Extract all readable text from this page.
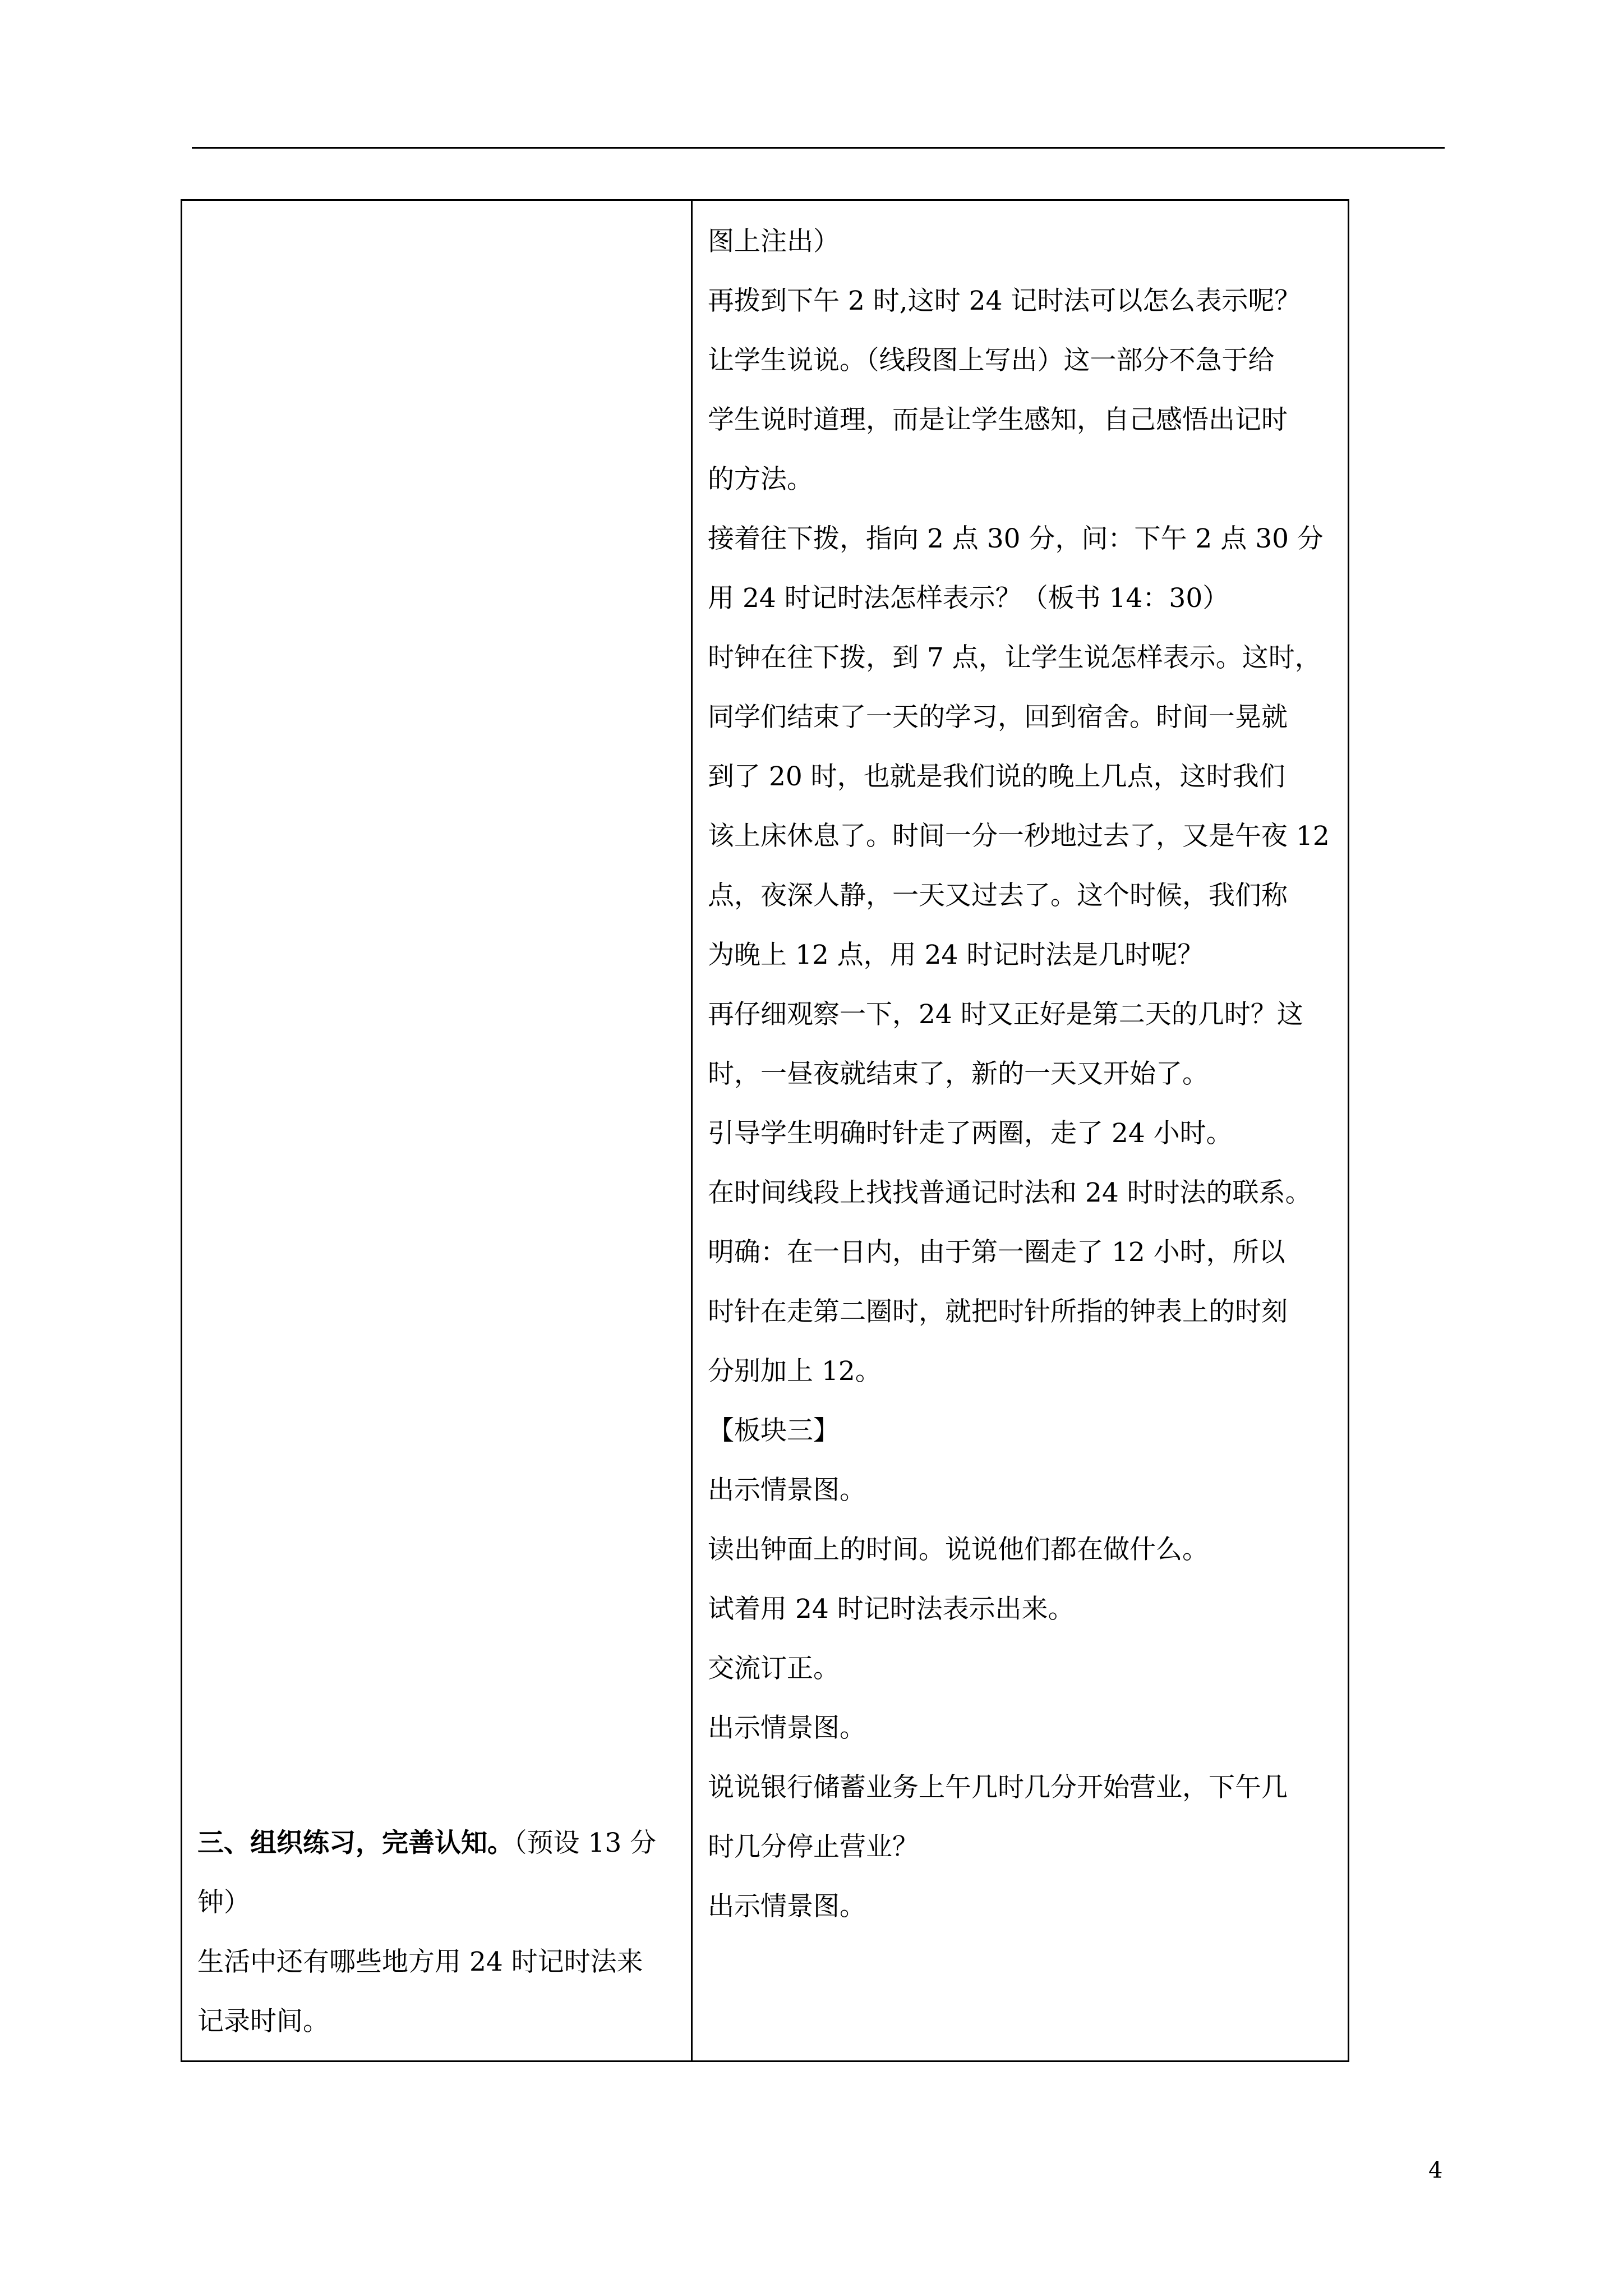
三、组织练习，完善认知。（预设 13 分
钟）
生活中还有哪些地方用 24 时记时法来
记录时间。
图上注出）
再拨到下午 2 时,这时 24 记时法可以怎么表示呢？
让学生说说。（线段图上写出）这一部分不急于给
学生说时道理，而是让学生感知，自己感悟出记时
的方法。
接着往下拨，指向 2 点 30 分，问：下午 2 点 30 分
用 24 时记时法怎样表示？（板书 14：30）
时钟在往下拨，到 7 点，让学生说怎样表示。这时，
同学们结束了一天的学习，回到宿舍。时间一晃就
到了 20 时，也就是我们说的晚上几点，这时我们
该上床休息了。时间一分一秒地过去了，又是午夜 12
点，夜深人静，一天又过去了。这个时候，我们称
为晚上 12 点，用 24 时记时法是几时呢？
再仔细观察一下，24 时又正好是第二天的几时？这
时，一昼夜就结束了，新的一天又开始了。
引导学生明确时针走了两圈，走了 24 小时。
在时间线段上找找普通记时法和 24 时时法的联系。
明确：在一日内，由于第一圈走了 12 小时，所以
时针在走第二圈时，就把时针所指的钟表上的时刻
分别加上 12。
【板块三】
出示情景图。
读出钟面上的时间。说说他们都在做什么。
试着用 24 时记时法表示出来。
交流订正。
出示情景图。
说说银行储蓄业务上午几时几分开始营业，下午几
时几分停止营业？
出示情景图。
4
